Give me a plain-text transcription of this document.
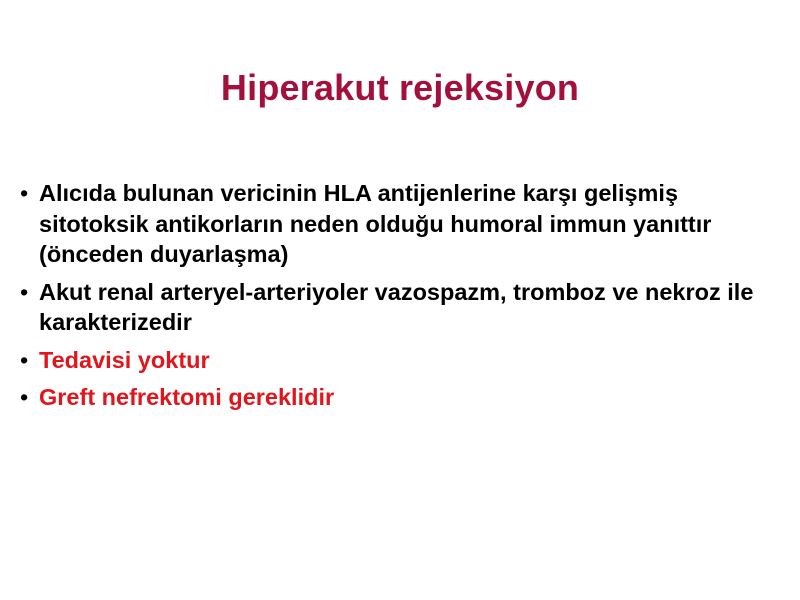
Hiperakut rejeksiyon
• Alıcıda bulunan vericinin HLA antijenlerine karşı gelişmiş sitotoksik antikorların neden olduğu humoral immun yanıttır (önceden duyarlaşma)
• Akut renal arteryel-arteriyoler vazospazm, tromboz ve nekroz ile karakterizedir
• Tedavisi yoktur
• Greft nefrektomi gereklidir
